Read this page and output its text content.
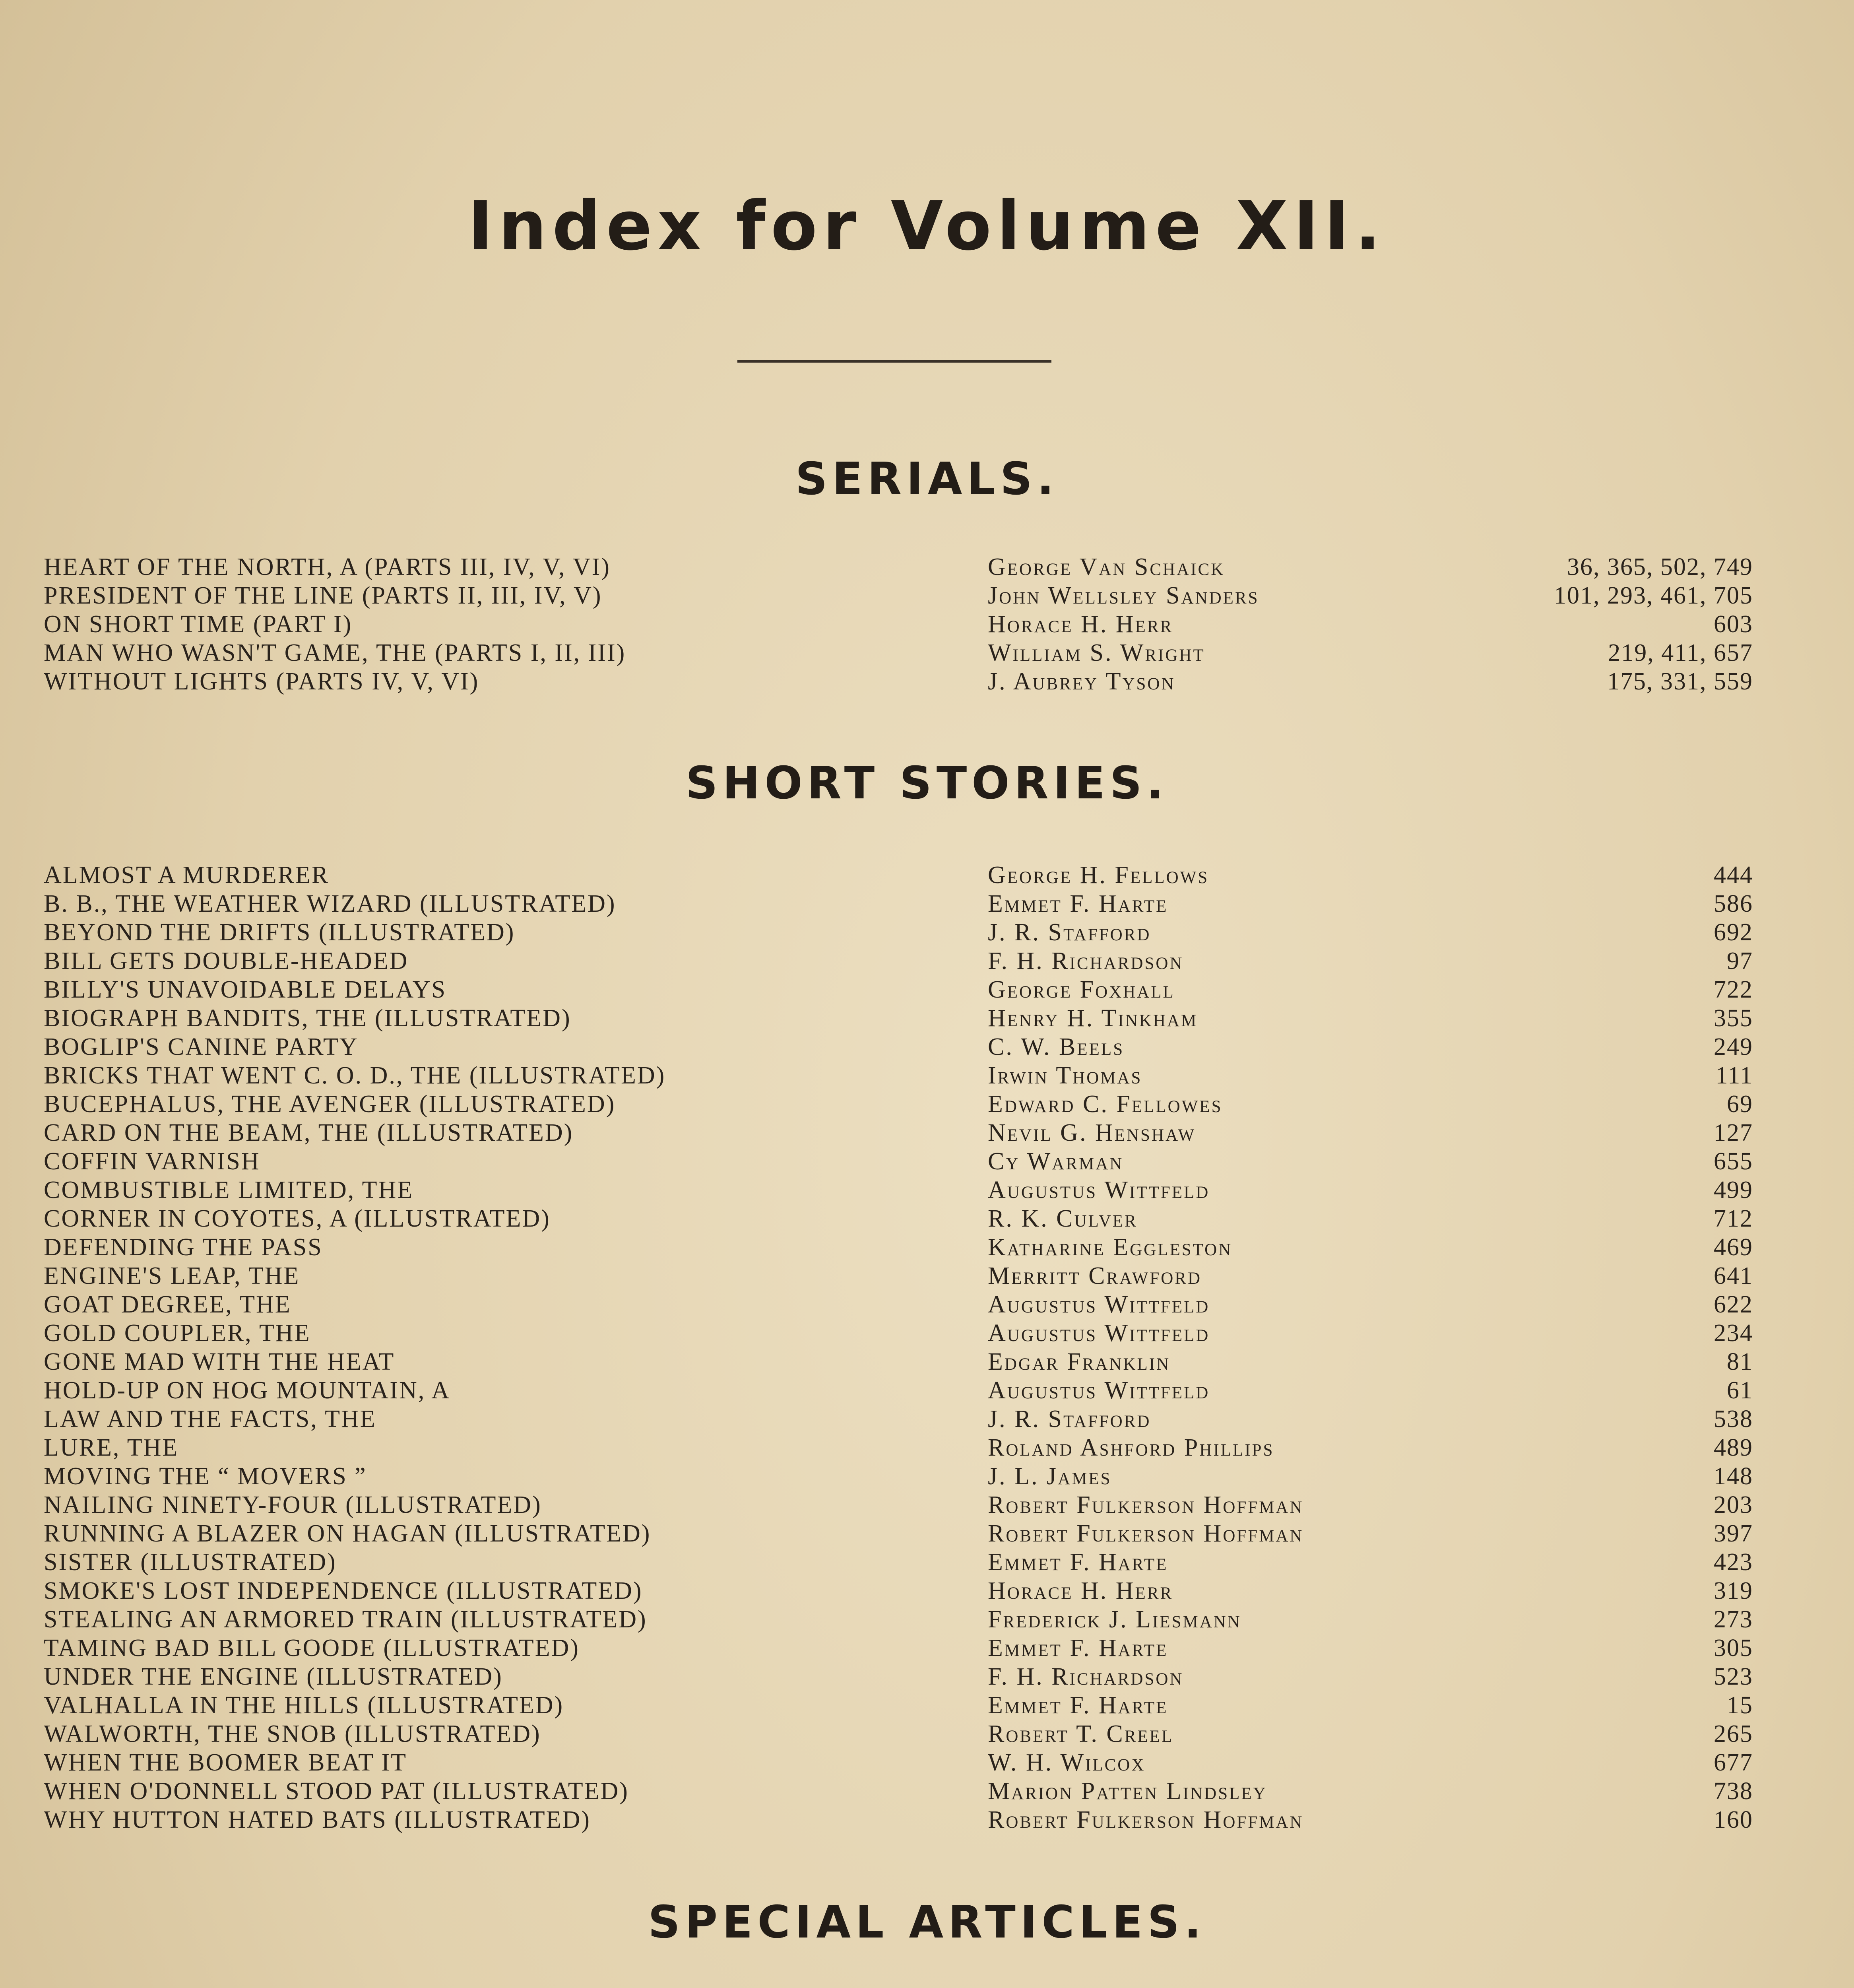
Index for Volume XII.
SERIALS.
HEART OF THE NORTH, A (PARTS III, IV, V, VI)	George Van Schaick	36, 365, 502, 749
PRESIDENT OF THE LINE (PARTS II, III, IV, V)	John Wellsley Sanders	101, 293, 461, 705
ON SHORT TIME (PART I)	Horace H. Herr	603
MAN WHO WASN'T GAME, THE (PARTS I, II, III)	William S. Wright	219, 411, 657
WITHOUT LIGHTS (PARTS IV, V, VI)	J. Aubrey Tyson	175, 331, 559
SHORT STORIES.
ALMOST A MURDERER	George H. Fellows	444
B. B., THE WEATHER WIZARD (ILLUSTRATED)	Emmet F. Harte	586
BEYOND THE DRIFTS (ILLUSTRATED)	J. R. Stafford	692
BILL GETS DOUBLE-HEADED	F. H. Richardson	97
BILLY'S UNAVOIDABLE DELAYS	George Foxhall	722
BIOGRAPH BANDITS, THE (ILLUSTRATED)	Henry H. Tinkham	355
BOGLIP'S CANINE PARTY	C. W. Beels	249
BRICKS THAT WENT C. O. D., THE (ILLUSTRATED)	Irwin Thomas	111
BUCEPHALUS, THE AVENGER (ILLUSTRATED)	Edward C. Fellowes	69
CARD ON THE BEAM, THE (ILLUSTRATED)	Nevil G. Henshaw	127
COFFIN VARNISH	Cy Warman	655
COMBUSTIBLE LIMITED, THE	Augustus Wittfeld	499
CORNER IN COYOTES, A (ILLUSTRATED)	R. K. Culver	712
DEFENDING THE PASS	Katharine Eggleston	469
ENGINE'S LEAP, THE	Merritt Crawford	641
GOAT DEGREE, THE	Augustus Wittfeld	622
GOLD COUPLER, THE	Augustus Wittfeld	234
GONE MAD WITH THE HEAT	Edgar Franklin	81
HOLD-UP ON HOG MOUNTAIN, A	Augustus Wittfeld	61
LAW AND THE FACTS, THE	J. R. Stafford	538
LURE, THE	Roland Ashford Phillips	489
MOVING THE “ MOVERS ”	J. L. James	148
NAILING NINETY-FOUR (ILLUSTRATED)	Robert Fulkerson Hoffman	203
RUNNING A BLAZER ON HAGAN (ILLUSTRATED)	Robert Fulkerson Hoffman	397
SISTER (ILLUSTRATED)	Emmet F. Harte	423
SMOKE'S LOST INDEPENDENCE (ILLUSTRATED)	Horace H. Herr	319
STEALING AN ARMORED TRAIN (ILLUSTRATED)	Frederick J. Liesmann	273
TAMING BAD BILL GOODE (ILLUSTRATED)	Emmet F. Harte	305
UNDER THE ENGINE (ILLUSTRATED)	F. H. Richardson	523
VALHALLA IN THE HILLS (ILLUSTRATED)	Emmet F. Harte	15
WALWORTH, THE SNOB (ILLUSTRATED)	Robert T. Creel	265
WHEN THE BOOMER BEAT IT	W. H. Wilcox	677
WHEN O'DONNELL STOOD PAT (ILLUSTRATED)	Marion Patten Lindsley	738
WHY HUTTON HATED BATS (ILLUSTRATED)	Robert Fulkerson Hoffman	160
SPECIAL ARTICLES.
